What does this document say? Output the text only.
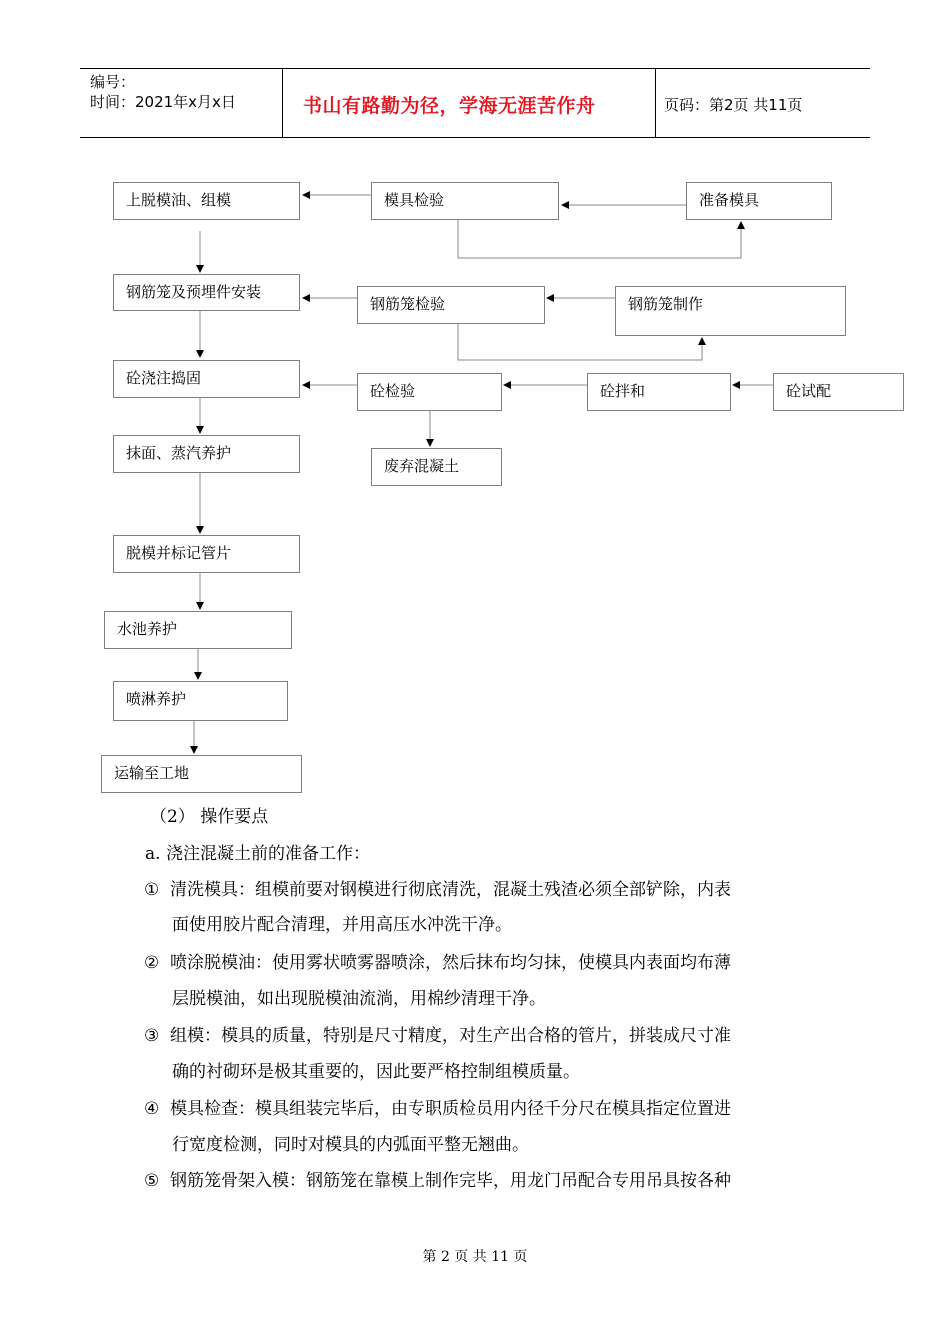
编号：
时间：2021年x月x日	书山有路勤为径，学海无涯苦作舟	页码：第2页 共11页
上脱模油、组模	模具检验	准备模具
钢筋笼及预埋件安装
钢筋笼检验	钢筋笼制作
砼浇注捣固
砼检验	砼拌和	砼试配
抹面、蒸汽养护
废弃混凝土
脱模并标记管片
水池养护
喷淋养护
运输至工地
（2） 操作要点
a. 浇注混凝土前的准备工作：
① 清洗模具：组模前要对钢模进行彻底清洗，混凝土残渣必须全部铲除，内表
面使用胶片配合清理，并用高压水冲洗干净。
② 喷涂脱模油：使用雾状喷雾器喷涂，然后抹布均匀抹，使模具内表面均布薄
层脱模油，如出现脱模油流淌，用棉纱清理干净。
③ 组模：模具的质量，特别是尺寸精度，对生产出合格的管片，拼装成尺寸准
确的衬砌环是极其重要的，因此要严格控制组模质量。
④ 模具检查：模具组装完毕后，由专职质检员用内径千分尺在模具指定位置进
行宽度检测，同时对模具的内弧面平整无翘曲。
⑤ 钢筋笼骨架入模：钢筋笼在靠模上制作完毕，用龙门吊配合专用吊具按各种
第 2 页 共 11 页
